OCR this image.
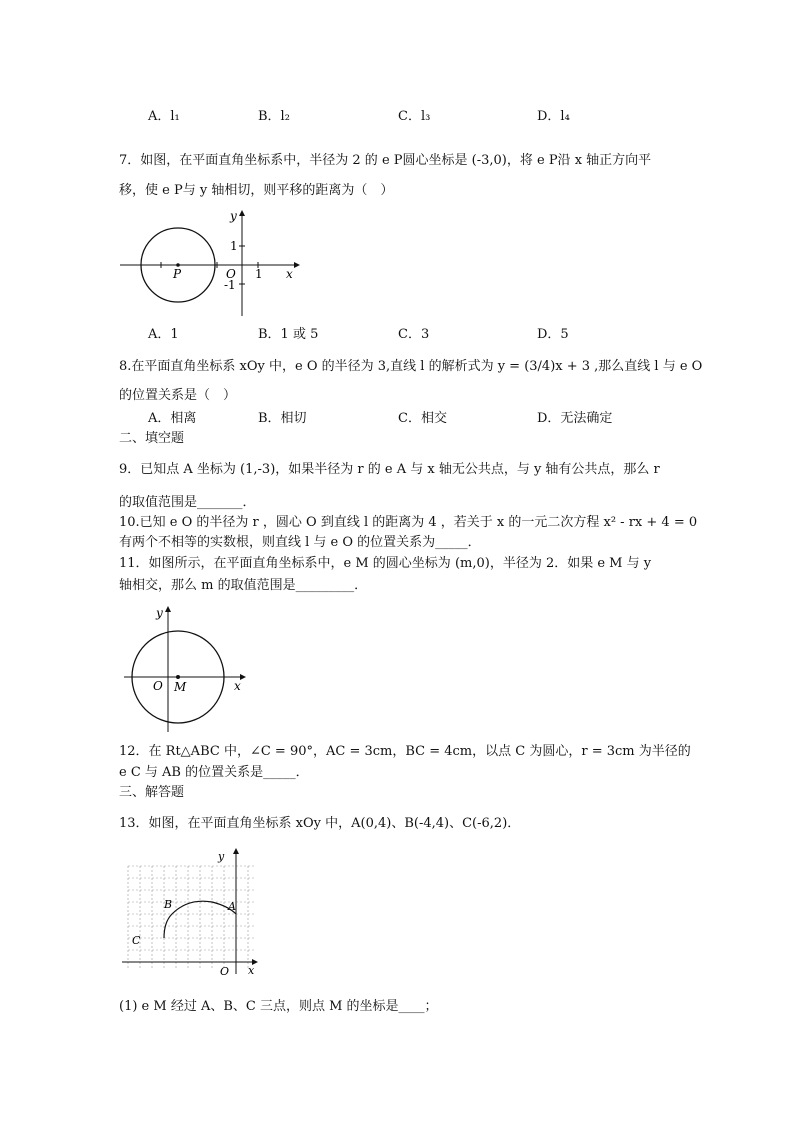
A．l₁	B．l₂	C．l₃	D．l₄
7．如图，在平面直角坐标系中，半径为 2 的 e P圆心坐标是 (-3,0)，将 e P沿 x 轴正方向平
移，使 e P与 y 轴相切，则平移的距离为（　）
y
x
1
1
-1
O
P
A．1	B．1 或 5	C．3	D．5
8.在平面直角坐标系 xOy 中，e O 的半径为 3,直线 l 的解析式为 y = (3/4)x + 3 ,那么直线 l 与 e O
的位置关系是（　）
A．相离	B．相切	C．相交	D．无法确定
二、填空题
9．已知点 A 坐标为 (1,-3)，如果半径为 r 的 e A 与 x 轴无公共点，与 y 轴有公共点，那么 r
的取值范围是_______．
10.已知 e O 的半径为 r ，圆心 O 到直线 l 的距离为 4 ，若关于 x 的一元二次方程 x² - rx + 4 = 0
有两个不相等的实数根，则直线 l 与 e O 的位置关系为_____．
11．如图所示，在平面直角坐标系中，e M 的圆心坐标为 (m,0)，半径为 2．如果 e M 与 y
轴相交，那么 m 的取值范围是_________．
y
x
O M
12．在 Rt△ABC 中，∠C = 90°，AC = 3cm，BC = 4cm，以点 C 为圆心，r = 3cm 为半径的
e C 与 AB 的位置关系是_____．
三、解答题
13．如图，在平面直角坐标系 xOy 中，A(0,4)、B(-4,4)、C(-6,2)．
y
x
O
A
B
C
(1) e M 经过 A、B、C 三点，则点 M 的坐标是____；
